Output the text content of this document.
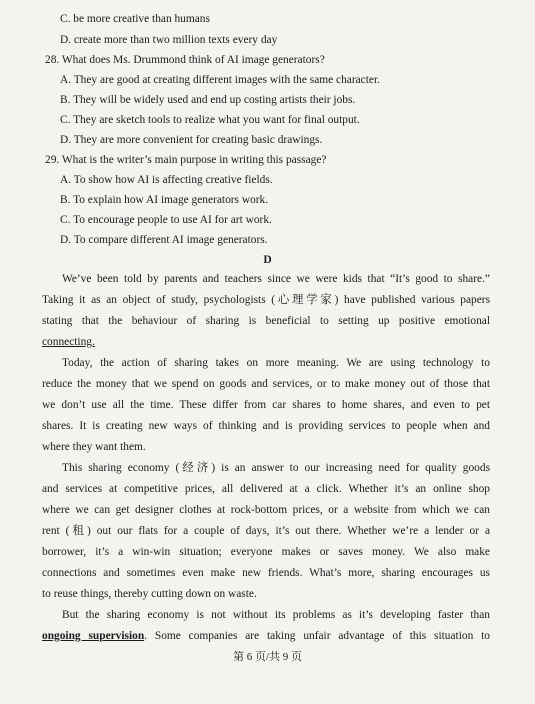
C. be more creative than humans
D. create more than two million texts every day
28. What does Ms. Drummond think of AI image generators?
A. They are good at creating different images with the same character.
B. They will be widely used and end up costing artists their jobs.
C. They are sketch tools to realize what you want for final output.
D. They are more convenient for creating basic drawings.
29. What is the writer’s main purpose in writing this passage?
A. To show how AI is affecting creative fields.
B. To explain how AI image generators work.
C. To encourage people to use AI for art work.
D. To compare different AI image generators.
D
We’ve been told by parents and teachers since we were kids that “It’s good to share.”
Taking it as an object of study, psychologists (心理学家) have published various papers
stating that the behaviour of sharing is beneficial to setting up positive emotional
connecting.
Today, the action of sharing takes on more meaning. We are using technology to
reduce the money that we spend on goods and services, or to make money out of those that
we don’t use all the time. These differ from car shares to home shares, and even to pet
shares. It is creating new ways of thinking and is providing services to people when and
where they want them.
This sharing economy (经济) is an answer to our increasing need for quality goods
and services at competitive prices, all delivered at a click. Whether it’s an online shop
where we can get designer clothes at rock-bottom prices, or a website from which we can
rent (租) out our flats for a couple of days, it’s out there. Whether we’re a lender or a
borrower, it’s a win-win situation; everyone makes or saves money. We also make
connections and sometimes even make new friends. What’s more, sharing encourages us
to reuse things, thereby cutting down on waste.
But the sharing economy is not without its problems as it’s developing faster than
ongoing supervision. Some companies are taking unfair advantage of this situation to
第 6 页/共 9 页
